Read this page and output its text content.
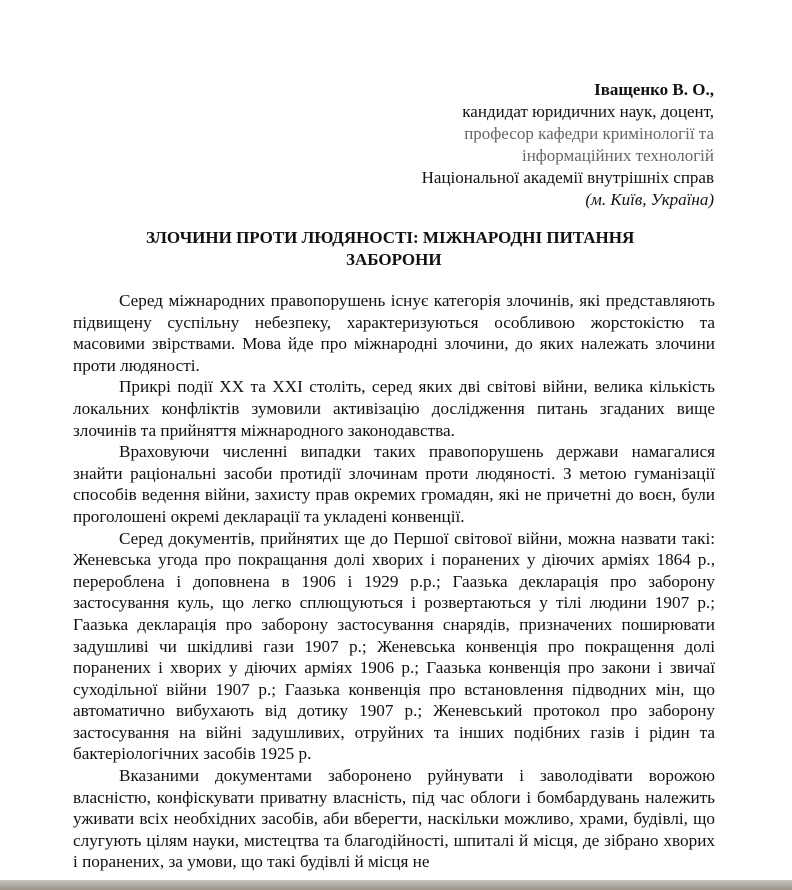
Іващенко В. О.,
кандидат юридичних наук, доцент,
професор кафедри кримінології та
інформаційних технологій
Національної академії внутрішніх справ
(м. Київ, Україна)
ЗЛОЧИНИ ПРОТИ ЛЮДЯНОСТІ: МІЖНАРОДНІ ПИТАННЯ
ЗАБОРОНИ

Серед міжнародних правопорушень існує категорія злочинів, які представляють підвищену суспільну небезпеку, характеризуються особливою жорстокістю та масовими звірствами. Мова йде про міжнародні злочини, до яких належать злочини проти людяності.

Прикрі події XX та XXI століть, серед яких дві світові війни, велика кількість локальних конфліктів зумовили активізацію дослідження питань згаданих вище злочинів та прийняття міжнародного законодавства.

Враховуючи численні випадки таких правопорушень держави намагалися знайти раціональні засоби протидії злочинам проти людяності. З метою гуманізації способів ведення війни, захисту прав окремих громадян, які не причетні до воєн, були проголошені окремі декларації та укладені конвенції.

Серед документів, прийнятих ще до Першої світової війни, можна назвати такі: Женевська угода про покращання долі хворих і поранених у діючих арміях 1864 р., перероблена і доповнена в 1906 і 1929 р.р.; Гаазька декларація про заборону застосування куль, що легко сплющуються і розвертаються у тілі людини 1907 р.; Гаазька декларація про заборону застосування снарядів, призначених поширювати задушливі чи шкідливі гази 1907 р.; Женевська конвенція про покращення долі поранених і хворих у діючих арміях 1906 р.; Гаазька конвенція про закони і звичаї суходільної війни 1907 р.; Гаазька конвенція про встановлення підводних мін, що автоматично вибухають від дотику 1907 р.; Женевський протокол про заборону застосування на війні задушливих, отруйних та інших подібних газів і рідин та бактеріологічних засобів 1925 р.

Вказаними документами заборонено руйнувати і заволодівати ворожою власністю, конфіскувати приватну власність, під час облоги і бомбардувань належить уживати всіх необхідних засобів, аби вберегти, наскільки можливо, храми, будівлі, що слугують цілям науки, мистецтва та благодійності, шпиталі й місця, де зібрано хворих і поранених, за умови, що такі будівлі й місця не
